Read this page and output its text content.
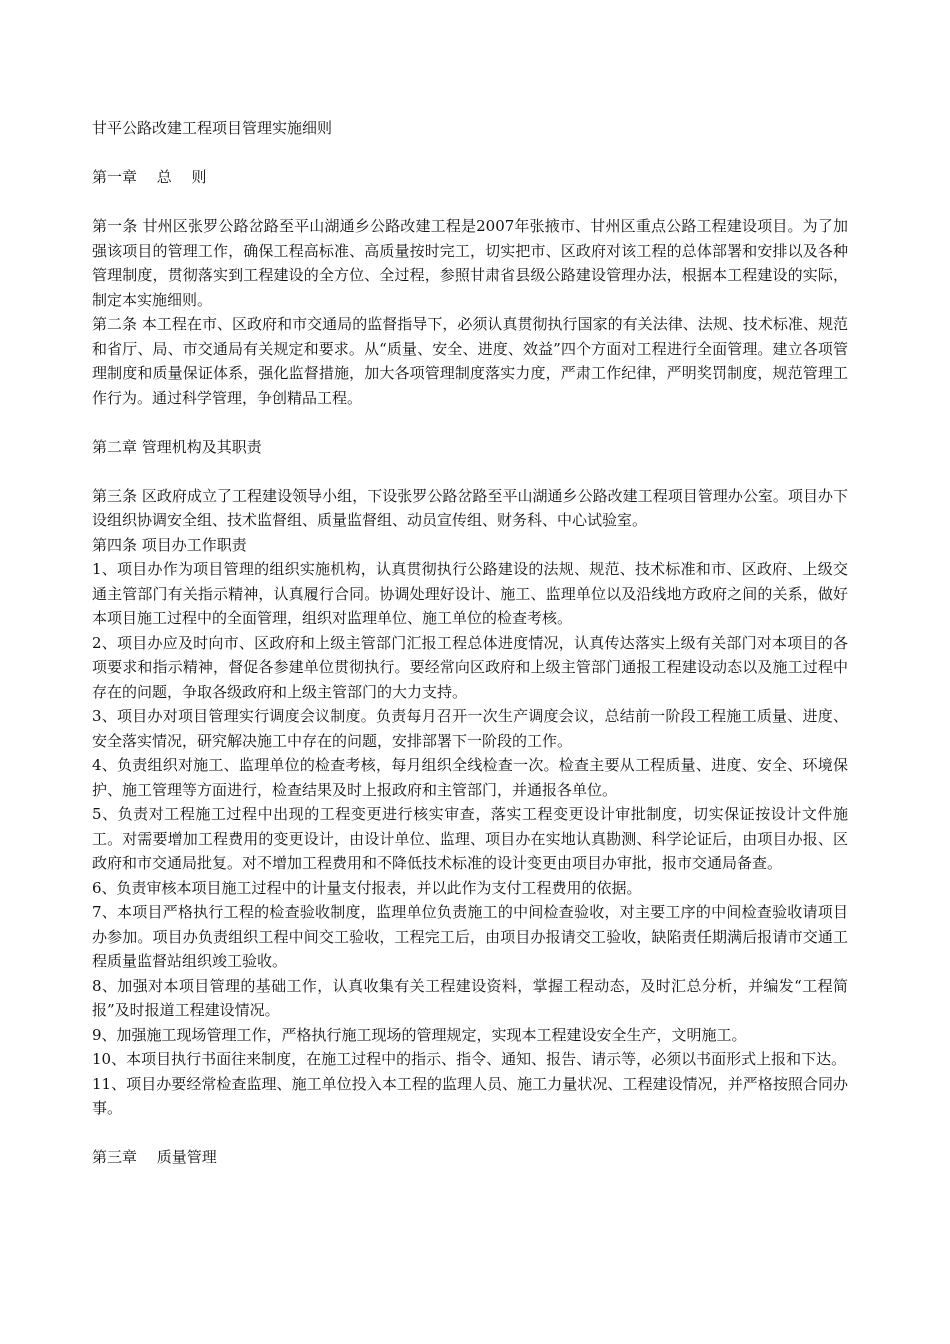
甘平公路改建工程项目管理实施细则

第一章　 总　 则

第一条 甘州区张罗公路岔路至平山湖通乡公路改建工程是2007年张掖市、甘州区重点公路工程建设项目。为了加强该项目的管理工作，确保工程高标准、高质量按时完工，切实把市、区政府对该工程的总体部署和安排以及各种管理制度，贯彻落实到工程建设的全方位、全过程，参照甘肃省县级公路建设管理办法，根据本工程建设的实际，制定本实施细则。

第二条 本工程在市、区政府和市交通局的监督指导下，必须认真贯彻执行国家的有关法律、法规、技术标准、规范和省厅、局、市交通局有关规定和要求。从“质量、安全、进度、效益”四个方面对工程进行全面管理。建立各项管理制度和质量保证体系，强化监督措施，加大各项管理制度落实力度，严肃工作纪律，严明奖罚制度，规范管理工作行为。通过科学管理，争创精品工程。

第二章 管理机构及其职责

第三条 区政府成立了工程建设领导小组，下设张罗公路岔路至平山湖通乡公路改建工程项目管理办公室。项目办下设组织协调安全组、技术监督组、质量监督组、动员宣传组、财务科、中心试验室。

第四条 项目办工作职责

1、项目办作为项目管理的组织实施机构，认真贯彻执行公路建设的法规、规范、技术标准和市、区政府、上级交通主管部门有关指示精神，认真履行合同。协调处理好设计、施工、监理单位以及沿线地方政府之间的关系，做好本项目施工过程中的全面管理，组织对监理单位、施工单位的检查考核。

2、项目办应及时向市、区政府和上级主管部门汇报工程总体进度情况，认真传达落实上级有关部门对本项目的各项要求和指示精神，督促各参建单位贯彻执行。要经常向区政府和上级主管部门通报工程建设动态以及施工过程中存在的问题，争取各级政府和上级主管部门的大力支持。

3、项目办对项目管理实行调度会议制度。负责每月召开一次生产调度会议，总结前一阶段工程施工质量、进度、安全落实情况，研究解决施工中存在的问题，安排部署下一阶段的工作。

4、负责组织对施工、监理单位的检查考核，每月组织全线检查一次。检查主要从工程质量、进度、安全、环境保护、施工管理等方面进行，检查结果及时上报政府和主管部门，并通报各单位。

5、负责对工程施工过程中出现的工程变更进行核实审查，落实工程变更设计审批制度，切实保证按设计文件施工。对需要增加工程费用的变更设计，由设计单位、监理、项目办在实地认真勘测、科学论证后，由项目办报、区政府和市交通局批复。对不增加工程费用和不降低技术标准的设计变更由项目办审批，报市交通局备查。

6、负责审核本项目施工过程中的计量支付报表，并以此作为支付工程费用的依据。

7、本项目严格执行工程的检查验收制度，监理单位负责施工的中间检查验收，对主要工序的中间检查验收请项目办参加。项目办负责组织工程中间交工验收，工程完工后，由项目办报请交工验收，缺陷责任期满后报请市交通工程质量监督站组织竣工验收。

8、加强对本项目管理的基础工作，认真收集有关工程建设资料，掌握工程动态，及时汇总分析，并编发“工程简报”及时报道工程建设情况。

9、加强施工现场管理工作，严格执行施工现场的管理规定，实现本工程建设安全生产，文明施工。

10、本项目执行书面往来制度，在施工过程中的指示、指令、通知、报告、请示等，必须以书面形式上报和下达。

11、项目办要经常检查监理、施工单位投入本工程的监理人员、施工力量状况、工程建设情况，并严格按照合同办事。

第三章　 质量管理
